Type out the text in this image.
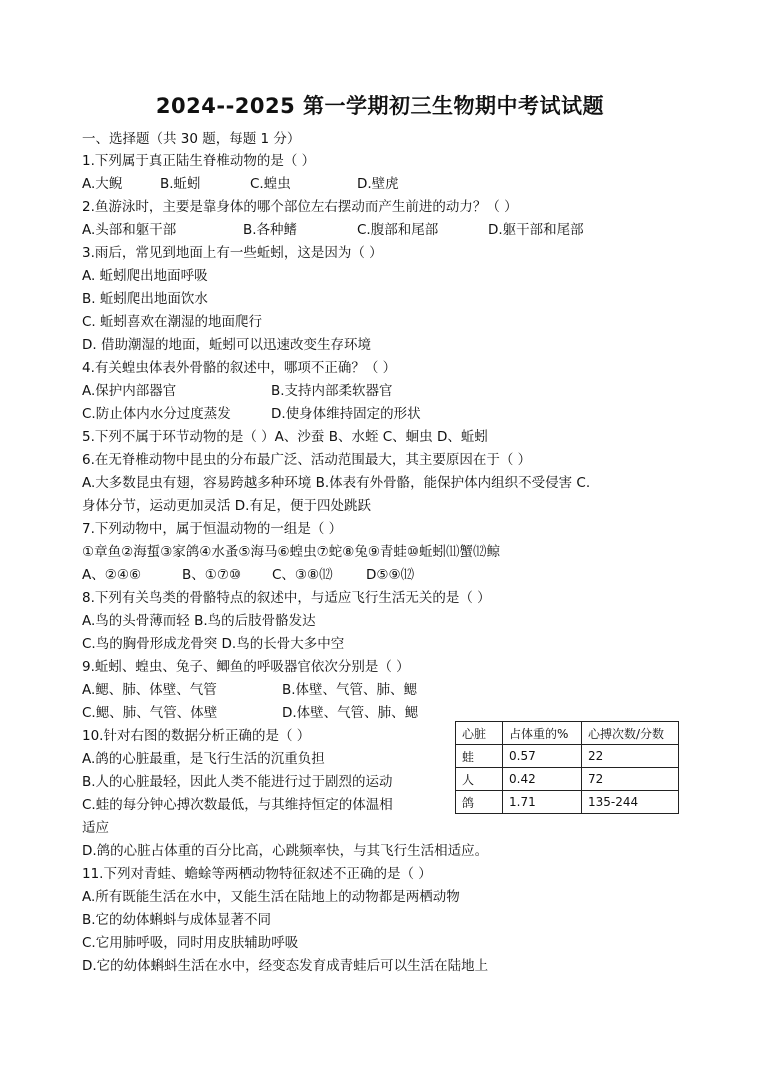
2024--2025 第一学期初三生物期中考试试题
一、选择题（共 30 题，每题 1 分）
1.下列属于真正陆生脊椎动物的是（ ）
A.大鲵	B.蚯蚓	C.蝗虫	D.壁虎
2.鱼游泳时，主要是靠身体的哪个部位左右摆动而产生前进的动力？（ ）
A.头部和躯干部	B.各种鳍	C.腹部和尾部	D.躯干部和尾部
3.雨后，常见到地面上有一些蚯蚓，这是因为（ ）
A. 蚯蚓爬出地面呼吸
B. 蚯蚓爬出地面饮水
C. 蚯蚓喜欢在潮湿的地面爬行
D. 借助潮湿的地面，蚯蚓可以迅速改变生存环境
4.有关蝗虫体表外骨骼的叙述中，哪项不正确？（ ）
A.保护内部器官	B.支持内部柔软器官
C.防止体内水分过度蒸发	D.使身体维持固定的形状
5.下列不属于环节动物的是（ ）A、沙蚕 B、水蛭 C、蛔虫 D、蚯蚓
6.在无脊椎动物中昆虫的分布最广泛、活动范围最大，其主要原因在于（ ）
A.大多数昆虫有翅，容易跨越多种环境 B.体表有外骨骼，能保护体内组织不受侵害 C.
身体分节，运动更加灵活 D.有足，便于四处跳跃
7.下列动物中，属于恒温动物的一组是（ ）
①章鱼②海蜇③家鸽④水蚤⑤海马⑥蝗虫⑦蛇⑧兔⑨青蛙⑩蚯蚓⑾蟹⑿鲸
A、②④⑥	B、①⑦⑩ C、③⑧⑿ D⑤⑨⑿
8.下列有关鸟类的骨骼特点的叙述中，与适应飞行生活无关的是（ ）
A.鸟的头骨薄而轻 B.鸟的后肢骨骼发达
C.鸟的胸骨形成龙骨突 D.鸟的长骨大多中空
9.蚯蚓、蝗虫、兔子、鲫鱼的呼吸器官依次分别是（ ）
A.鳃、肺、体壁、气管	B.体壁、气管、肺、鳃
C.鳃、肺、气管、体壁	D.体壁、气管、肺、鳃
10.针对右图的数据分析正确的是（ ）
A.鸽的心脏最重，是飞行生活的沉重负担
B.人的心脏最轻，因此人类不能进行过于剧烈的运动
C.蛙的每分钟心搏次数最低，与其维持恒定的体温相
适应
D.鸽的心脏占体重的百分比高，心跳频率快，与其飞行生活相适应。
心脏	占体重的%	心搏次数/分数
蛙	0.57	22
人	0.42	72
鸽	1.71	135-244
11.下列对青蛙、蟾蜍等两栖动物特征叙述不正确的是（ ）
A.所有既能生活在水中，又能生活在陆地上的动物都是两栖动物
B.它的幼体蝌蚪与成体显著不同
C.它用肺呼吸，同时用皮肤辅助呼吸
D.它的幼体蝌蚪生活在水中，经变态发育成青蛙后可以生活在陆地上
